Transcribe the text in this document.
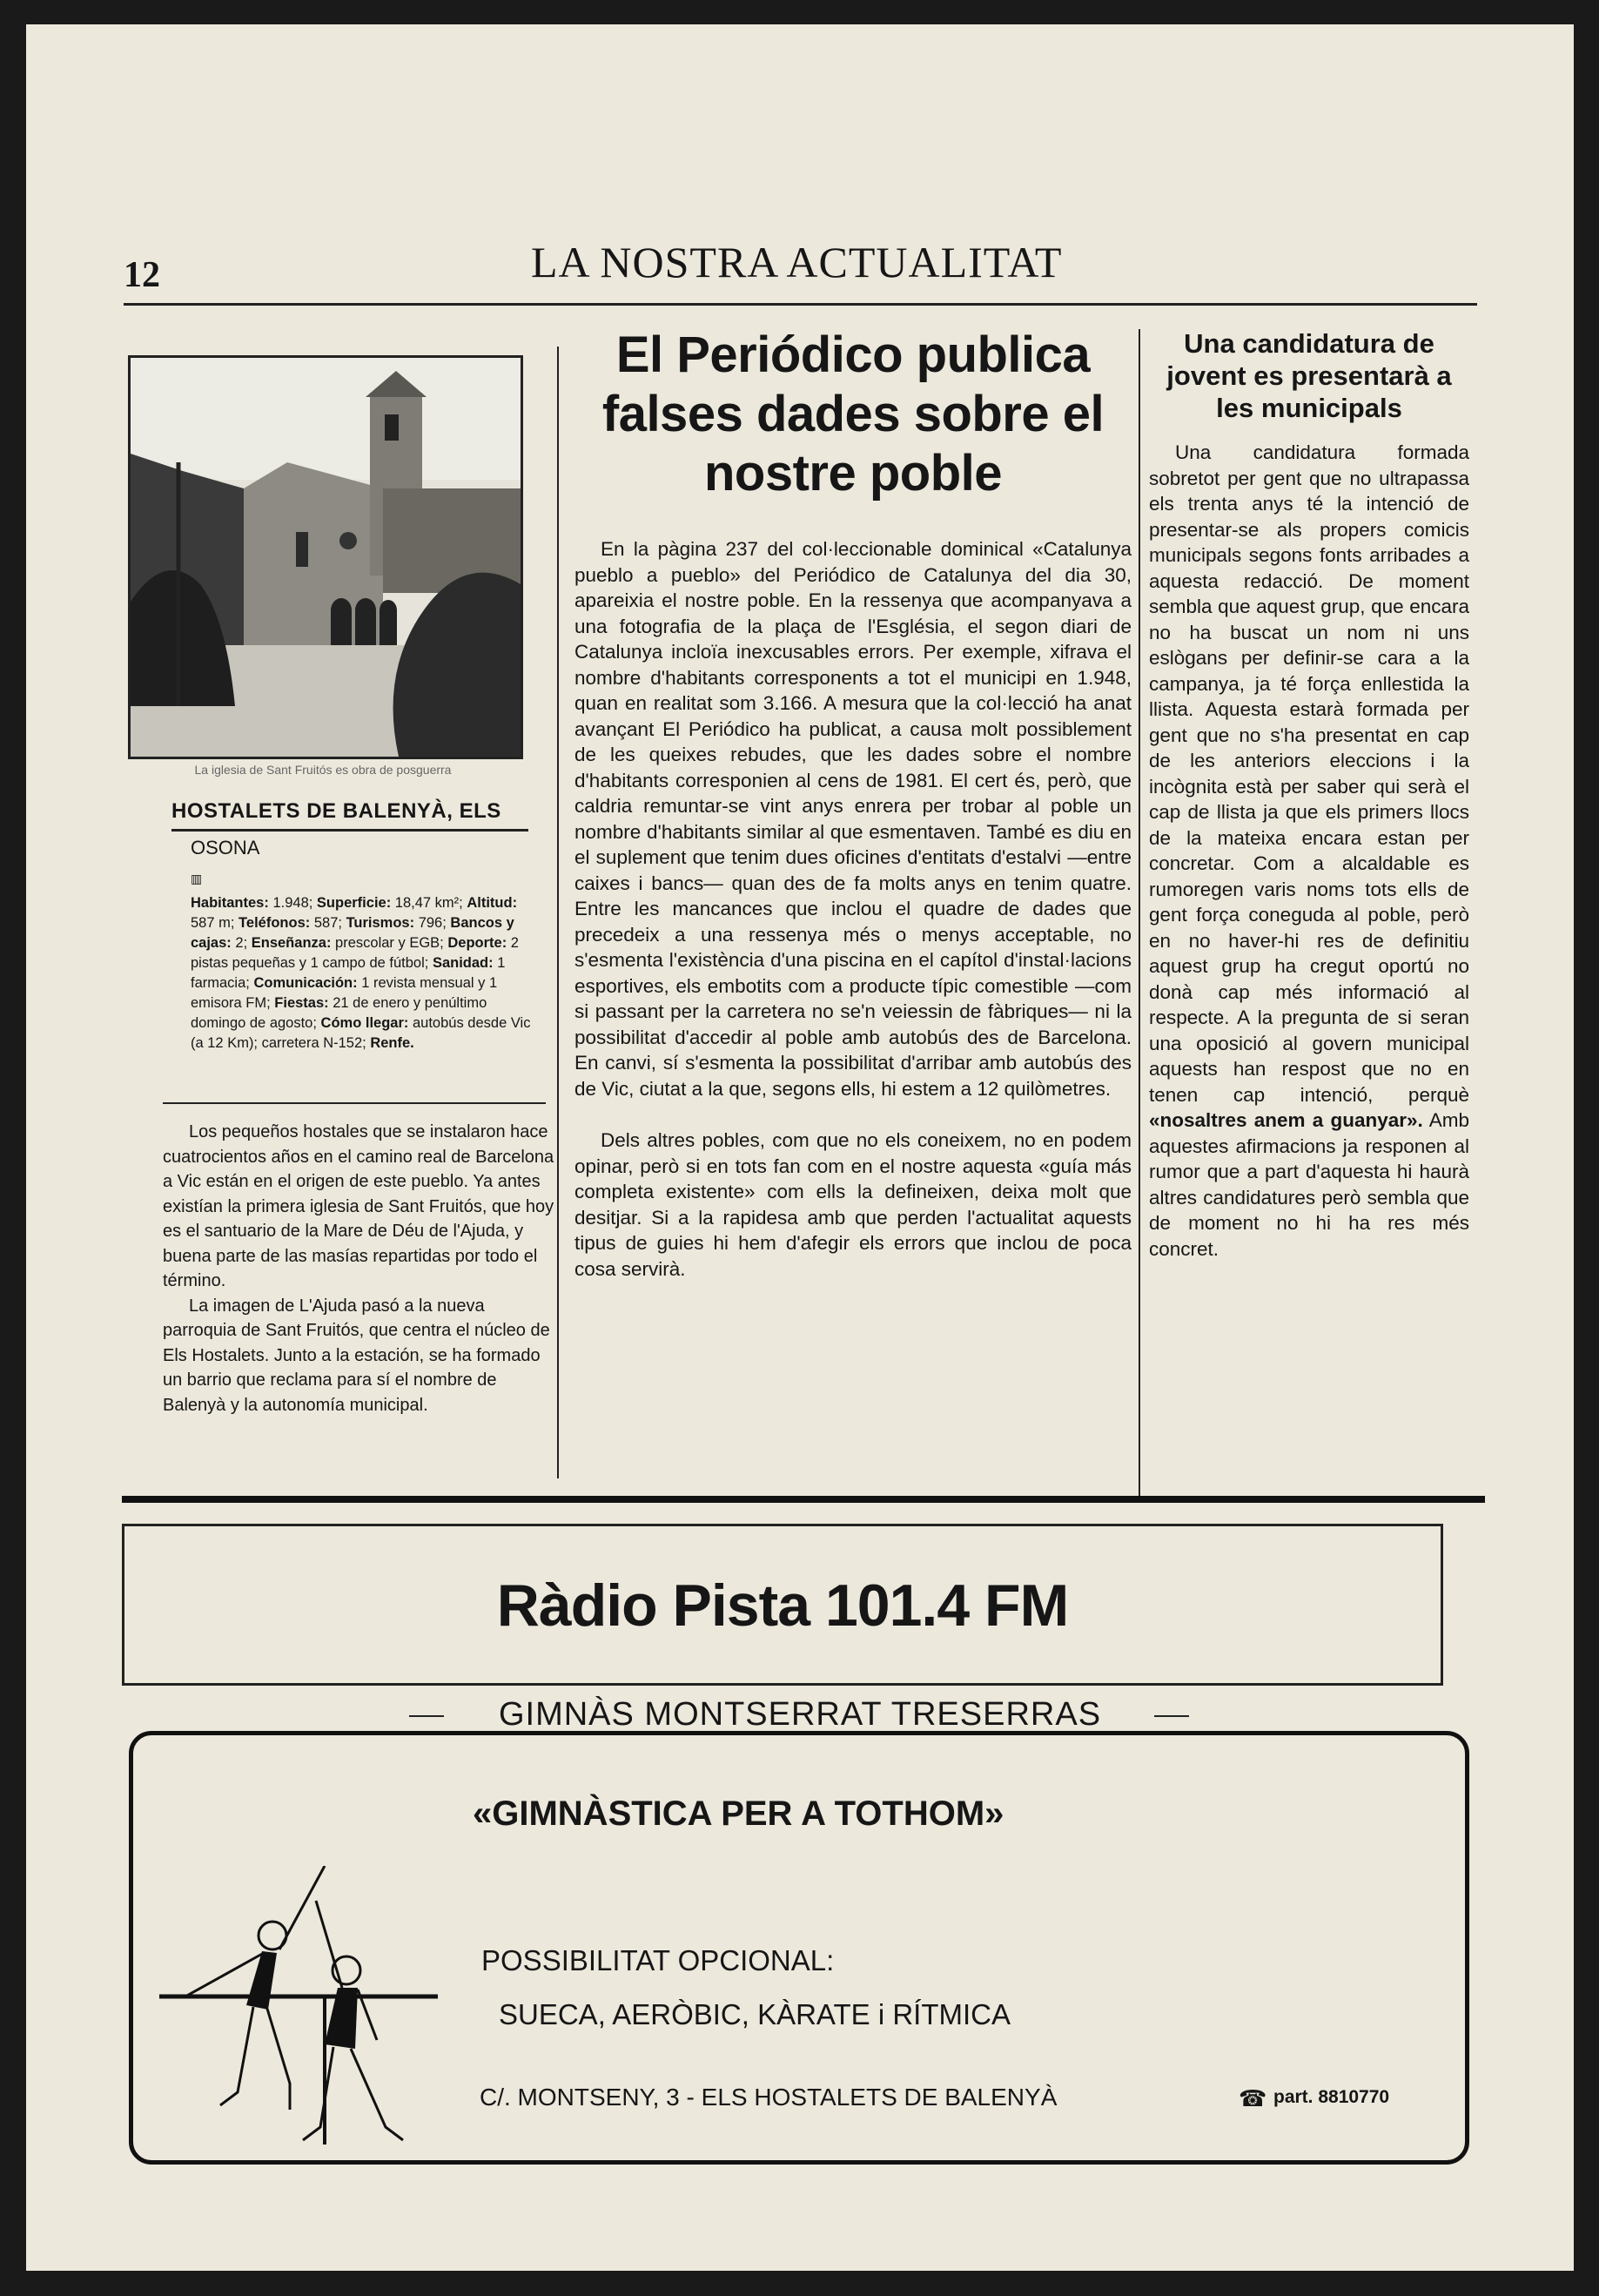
12	LA NOSTRA ACTUALITAT
La iglesia de Sant Fruitós es obra de posguerra
HOSTALETS DE BALENYÀ, ELS
OSONA
▥
Habitantes: 1.948; Superficie: 18,47 km²; Altitud: 587 m; Teléfonos: 587; Turismos: 796; Bancos y cajas: 2; Enseñanza: prescolar y EGB; Deporte: 2 pistas pequeñas y 1 campo de fútbol; Sanidad: 1 farmacia; Comunicación: 1 revista mensual y 1 emisora FM; Fiestas: 21 de enero y penúltimo domingo de agosto; Cómo llegar: autobús desde Vic (a 12 Km); carretera N-152; Renfe.

Los pequeños hostales que se instalaron hace cuatrocientos años en el camino real de Barcelona a Vic están en el origen de este pueblo. Ya antes existían la primera iglesia de Sant Fruitós, que hoy es el santuario de la Mare de Déu de l'Ajuda, y buena parte de las masías repartidas por todo el término.

La imagen de L'Ajuda pasó a la nueva parroquia de Sant Fruitós, que centra el núcleo de Els Hostalets. Junto a la estación, se ha formado un barrio que reclama para sí el nombre de Balenyà y la autonomía municipal.

El Periódico publica falses dades sobre el nostre poble

En la pàgina 237 del col·leccionable dominical «Catalunya pueblo a pueblo» del Periódico de Catalunya del dia 30, apareixia el nostre poble. En la ressenya que acompanyava a una fotografia de la plaça de l'Església, el segon diari de Catalunya incloïa inexcusables errors. Per exemple, xifrava el nombre d'habitants corresponents a tot el municipi en 1.948, quan en realitat som 3.166. A mesura que la col·lecció ha anat avançant El Periódico ha publicat, a causa molt possiblement de les queixes rebudes, que les dades sobre el nombre d'habitants corresponien al cens de 1981. El cert és, però, que caldria remuntar-se vint anys enrera per trobar al poble un nombre d'habitants similar al que esmentaven. També es diu en el suplement que tenim dues oficines d'entitats d'estalvi —entre caixes i bancs— quan des de fa molts anys en tenim quatre. Entre les mancances que inclou el quadre de dades que precedeix a una ressenya més o menys acceptable, no s'esmenta l'existència d'una piscina en el capítol d'instal·lacions esportives, els embotits com a producte típic comestible —com si passant per la carretera no se'n veiessin de fàbriques— ni la possibilitat d'accedir al poble amb autobús des de Barcelona. En canvi, sí s'esmenta la possibilitat d'arribar amb autobús des de Vic, ciutat a la que, segons ells, hi estem a 12 quilòmetres.

Dels altres pobles, com que no els coneixem, no en podem opinar, però si en tots fan com en el nostre aquesta «guía más completa existente» com ells la defineixen, deixa molt que desitjar. Si a la rapidesa amb que perden l'actualitat aquests tipus de guies hi hem d'afegir els errors que inclou de poca cosa servirà.

Una candidatura de jovent es presentarà a les municipals

Una candidatura formada sobretot per gent que no ultrapassa els trenta anys té la intenció de presentar-se als propers comicis municipals segons fonts arribades a aquesta redacció. De moment sembla que aquest grup, que encara no ha buscat un nom ni uns eslògans per definir-se cara a la campanya, ja té força enllestida la llista. Aquesta estarà formada per gent que no s'ha presentat en cap de les anteriors eleccions i la incògnita està per saber qui serà el cap de llista ja que els primers llocs de la mateixa encara estan per concretar. Com a alcaldable es rumoregen varis noms tots ells de gent força coneguda al poble, però en no haver-hi res de definitiu aquest grup ha cregut oportú no donà cap més informació al respecte. A la pregunta de si seran una oposició al govern municipal aquests han respost que no en tenen cap intenció, perquè «nosaltres anem a guanyar». Amb aquestes afirmacions ja responen al rumor que a part d'aquesta hi haurà altres candidatures però sembla que de moment no hi ha res més concret.

Ràdio Pista 101.4 FM
GIMNÀS MONTSERRAT TRESERRAS
«GIMNÀSTICA PER A TOTHOM»
POSSIBILITAT OPCIONAL:
SUECA, AERÒBIC, KÀRATE i RÍTMICA
C/. MONTSENY, 3 - ELS HOSTALETS DE BALENYÀ	☎ part. 8810770
